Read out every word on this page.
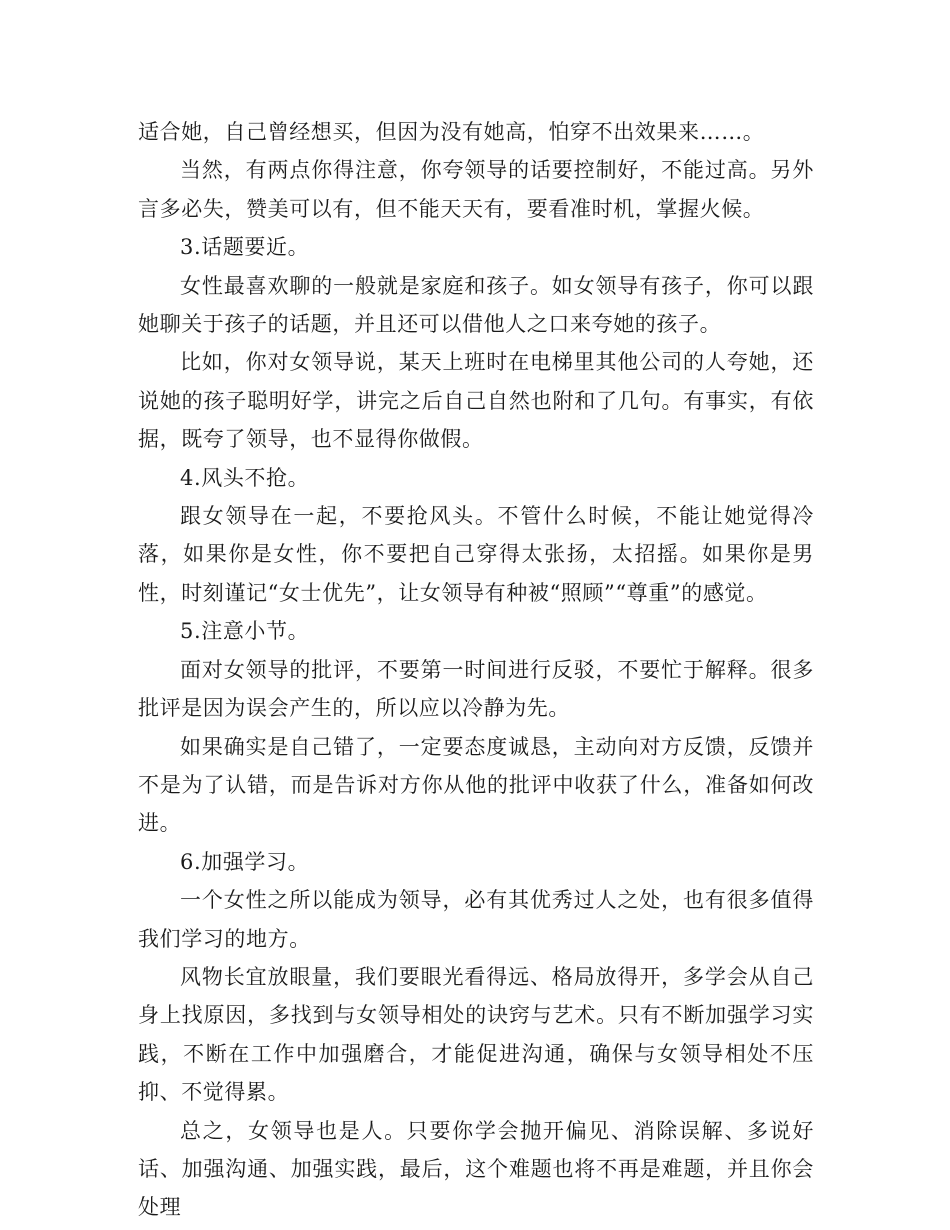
适合她，自己曾经想买，但因为没有她高，怕穿不出效果来……。

当然，有两点你得注意，你夸领导的话要控制好，不能过高。另外言多必失，赞美可以有，但不能天天有，要看准时机，掌握火候。

3.话题要近。

女性最喜欢聊的一般就是家庭和孩子。如女领导有孩子，你可以跟她聊关于孩子的话题，并且还可以借他人之口来夸她的孩子。

比如，你对女领导说，某天上班时在电梯里其他公司的人夸她，还说她的孩子聪明好学，讲完之后自己自然也附和了几句。有事实，有依据，既夸了领导，也不显得你做假。

4.风头不抢。

跟女领导在一起，不要抢风头。不管什么时候，不能让她觉得冷落，如果你是女性，你不要把自己穿得太张扬，太招摇。如果你是男性，时刻谨记“女士优先”，让女领导有种被“照顾”“尊重”的感觉。

5.注意小节。

面对女领导的批评，不要第一时间进行反驳，不要忙于解释。很多批评是因为误会产生的，所以应以冷静为先。

如果确实是自己错了，一定要态度诚恳，主动向对方反馈，反馈并不是为了认错，而是告诉对方你从他的批评中收获了什么，准备如何改进。

6.加强学习。

一个女性之所以能成为领导，必有其优秀过人之处，也有很多值得我们学习的地方。

风物长宜放眼量，我们要眼光看得远、格局放得开，多学会从自己身上找原因，多找到与女领导相处的诀窍与艺术。只有不断加强学习实践，不断在工作中加强磨合，才能促进沟通，确保与女领导相处不压抑、不觉得累。

总之，女领导也是人。只要你学会抛开偏见、消除误解、多说好话、加强沟通、加强实践，最后，这个难题也将不再是难题，并且你会处理
